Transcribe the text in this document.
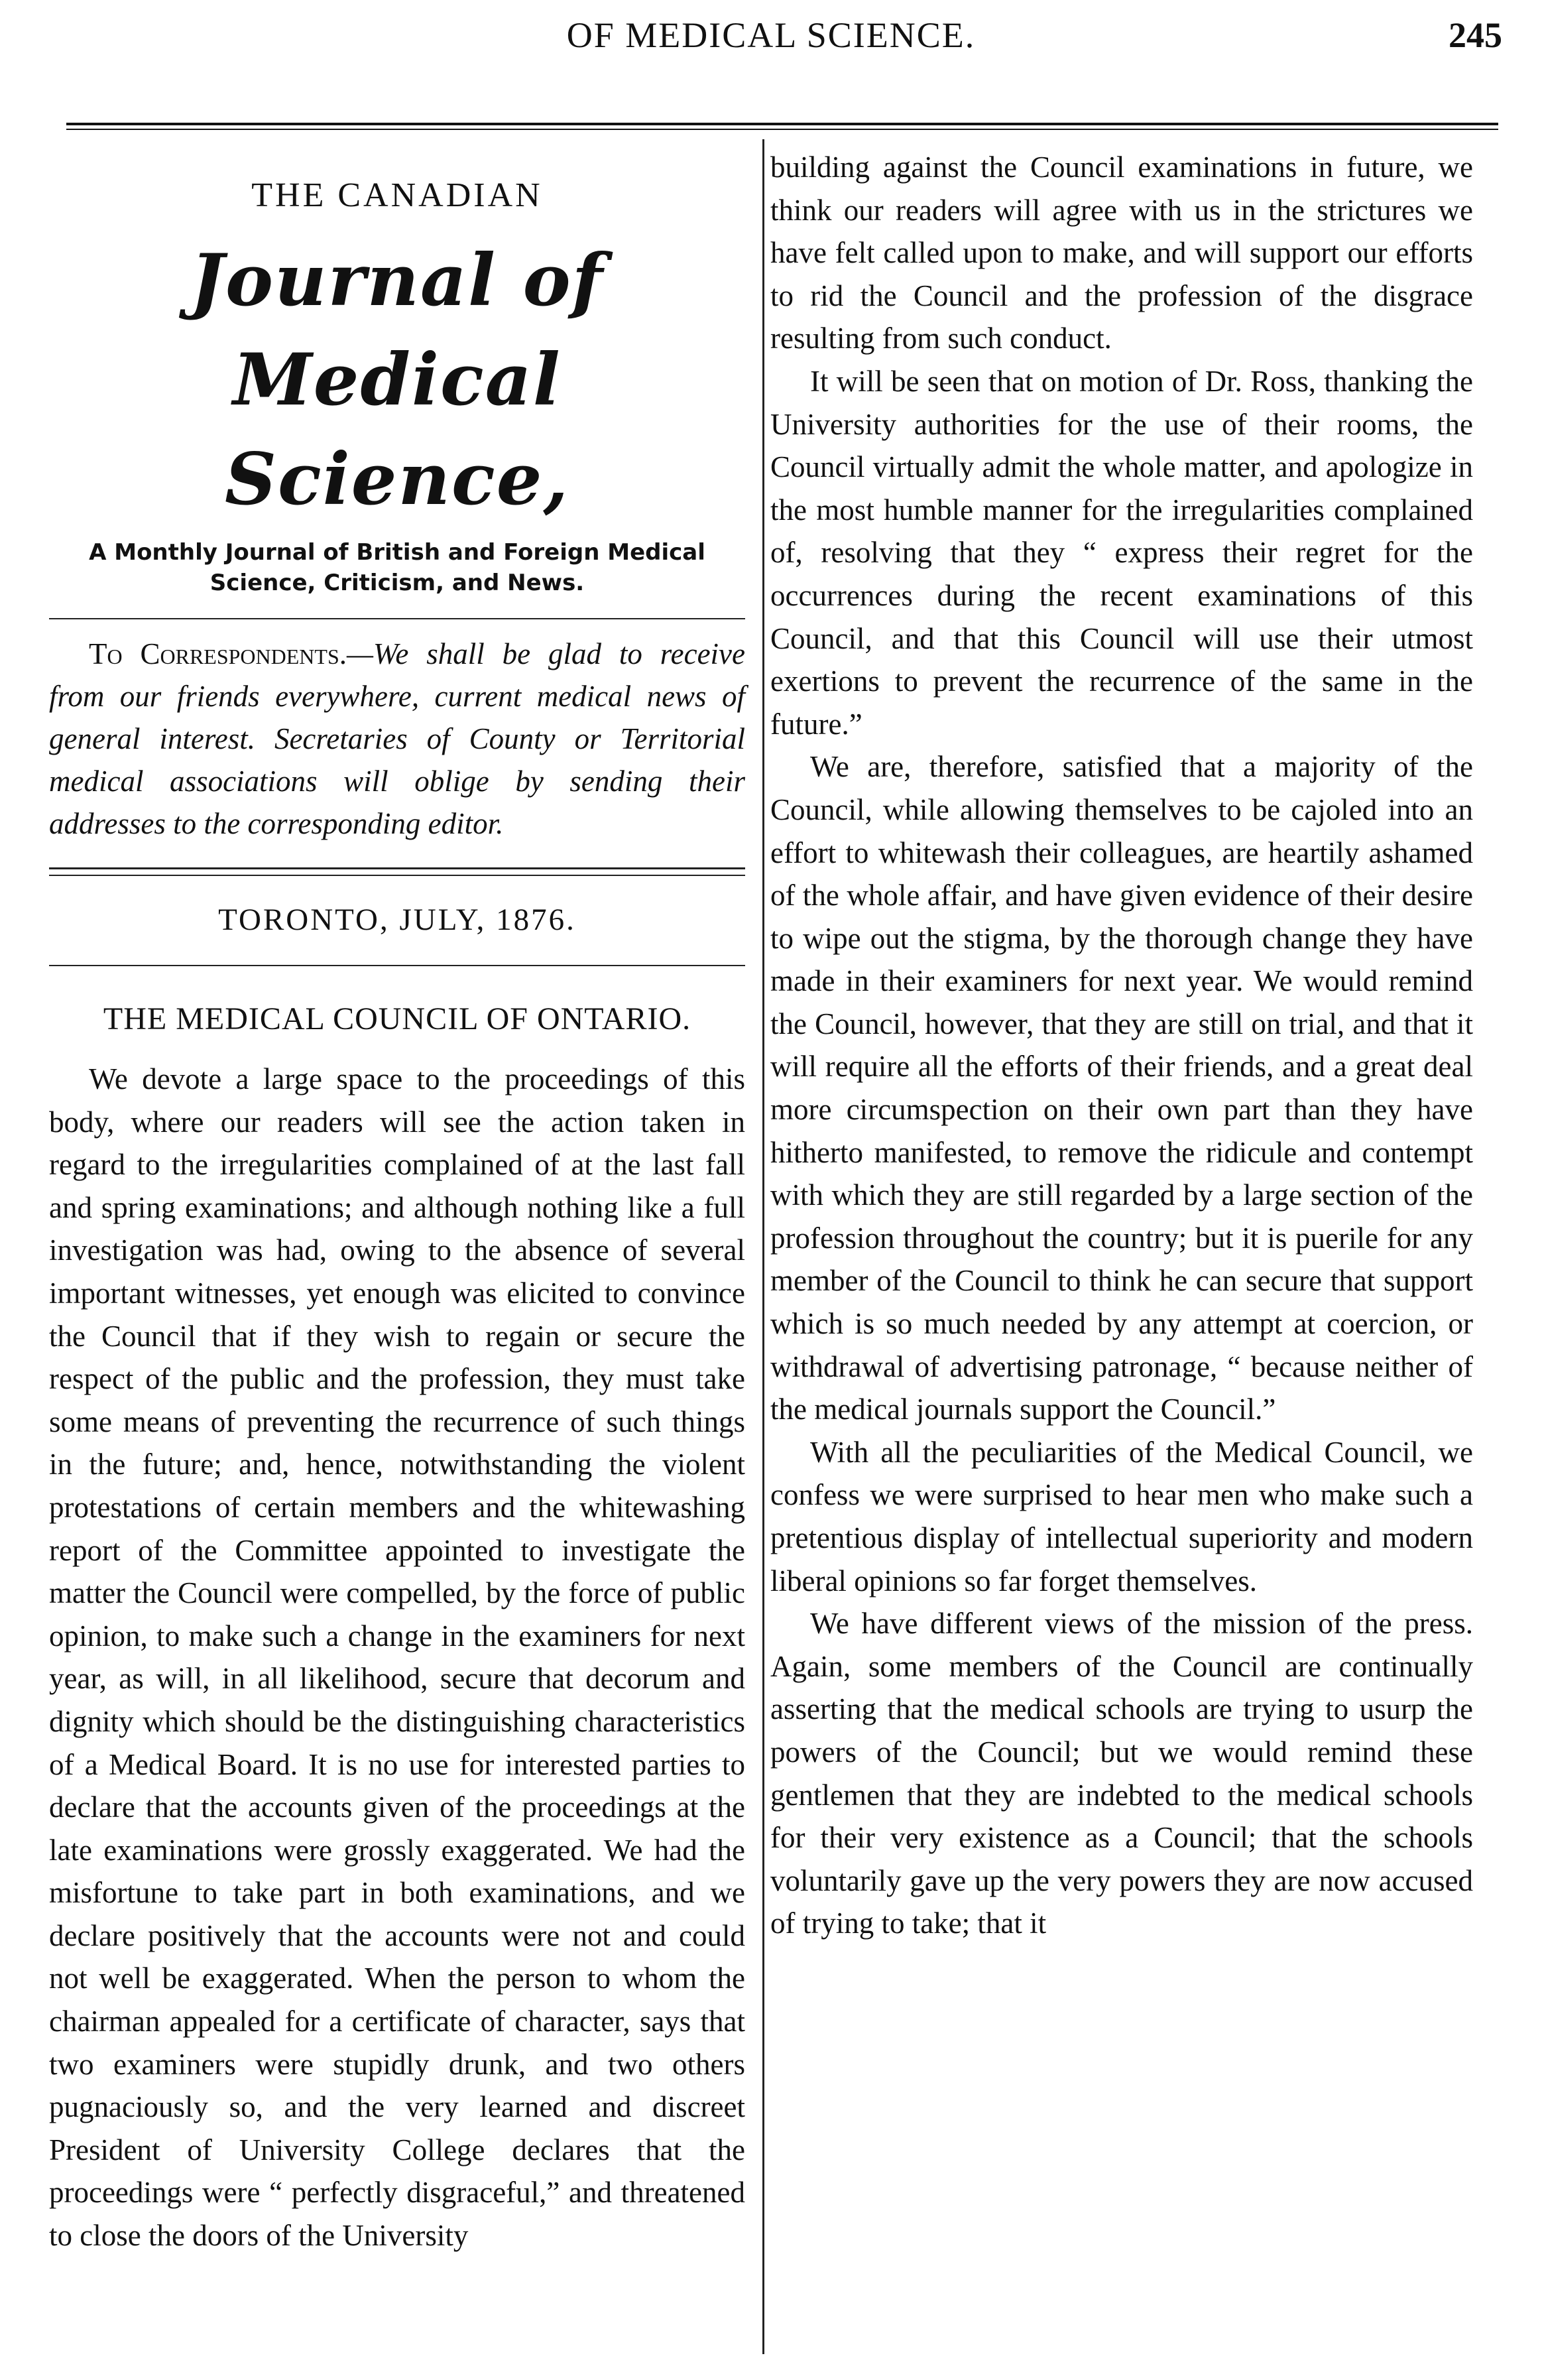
OF MEDICAL SCIENCE.	245
THE CANADIAN
Journal of Medical Science,
A Monthly Journal of British and Foreign Medical Science, Criticism, and News.

To Correspondents.—We shall be glad to receive from our friends everywhere, current medical news of general interest. Secretaries of County or Territorial medical associations will oblige by sending their addresses to the corresponding editor.

TORONTO, JULY, 1876.
THE MEDICAL COUNCIL OF ONTARIO.

We devote a large space to the proceedings of this body, where our readers will see the action taken in regard to the irregularities complained of at the last fall and spring examinations; and although nothing like a full investigation was had, owing to the absence of several important witnesses, yet enough was elicited to convince the Council that if they wish to regain or secure the respect of the public and the profession, they must take some means of preventing the recurrence of such things in the future; and, hence, notwithstanding the violent protestations of certain members and the whitewashing report of the Committee appointed to investigate the matter the Council were compelled, by the force of public opinion, to make such a change in the examiners for next year, as will, in all likelihood, secure that decorum and dignity which should be the distinguishing characteristics of a Medical Board. It is no use for interested parties to declare that the accounts given of the proceedings at the late examinations were grossly exaggerated. We had the misfortune to take part in both examinations, and we declare positively that the accounts were not and could not well be exaggerated. When the person to whom the chairman appealed for a certificate of character, says that two examiners were stupidly drunk, and two others pugnaciously so, and the very learned and discreet President of University College declares that the proceedings were “ perfectly disgraceful,” and threatened to close the doors of the University

building against the Council examinations in future, we think our readers will agree with us in the strictures we have felt called upon to make, and will support our efforts to rid the Council and the profession of the disgrace resulting from such conduct.

It will be seen that on motion of Dr. Ross, thanking the University authorities for the use of their rooms, the Council virtually admit the whole matter, and apologize in the most humble manner for the irregularities complained of, resolving that they “ express their regret for the occurrences during the recent examinations of this Council, and that this Council will use their utmost exertions to prevent the recurrence of the same in the future.”

We are, therefore, satisfied that a majority of the Council, while allowing themselves to be cajoled into an effort to whitewash their colleagues, are heartily ashamed of the whole affair, and have given evidence of their desire to wipe out the stigma, by the thorough change they have made in their examiners for next year. We would remind the Council, however, that they are still on trial, and that it will require all the efforts of their friends, and a great deal more circumspection on their own part than they have hitherto manifested, to remove the ridicule and contempt with which they are still regarded by a large section of the profession throughout the country; but it is puerile for any member of the Council to think he can secure that support which is so much needed by any attempt at coercion, or withdrawal of advertising patronage, “ because neither of the medical journals support the Council.”

With all the peculiarities of the Medical Council, we confess we were surprised to hear men who make such a pretentious display of intellectual superiority and modern liberal opinions so far forget themselves.

We have different views of the mission of the press. Again, some members of the Council are continually asserting that the medical schools are trying to usurp the powers of the Council; but we would remind these gentlemen that they are indebted to the medical schools for their very existence as a Council; that the schools voluntarily gave up the very powers they are now accused of trying to take; that it
